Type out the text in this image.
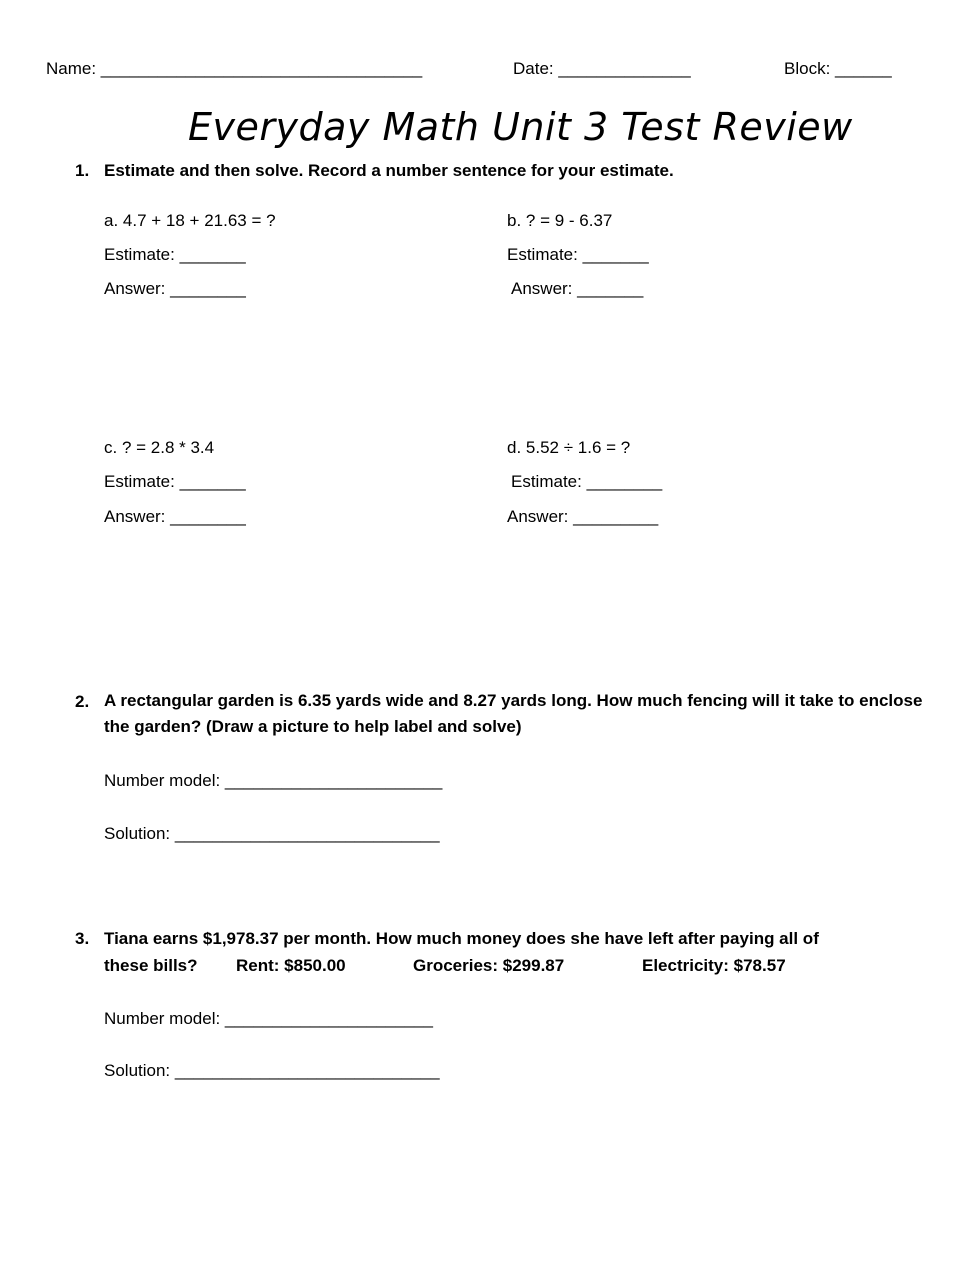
Name: __________________________________	Date: ______________	Block: ______
Everyday Math Unit 3 Test Review
1. Estimate and then solve. Record a number sentence for your estimate.
a. 4.7 + 18 + 21.63 = ?
Estimate: _______
Answer: ________
b. ? = 9 - 6.37
Estimate: _______
Answer: _______
c. ? = 2.8 * 3.4
Estimate: _______
Answer: ________
d. 5.52 ÷ 1.6 = ?
Estimate: ________
Answer: _________
2. A rectangular garden is 6.35 yards wide and 8.27 yards long. How much fencing will it take to enclose the garden? (Draw a picture to help label and solve)
Number model: _______________________
Solution: ____________________________
3. Tiana earns $1,978.37 per month. How much money does she have left after paying all of
these bills? Rent: $850.00	Groceries: $299.87	Electricity: $78.57
Number model: ______________________
Solution: ____________________________
